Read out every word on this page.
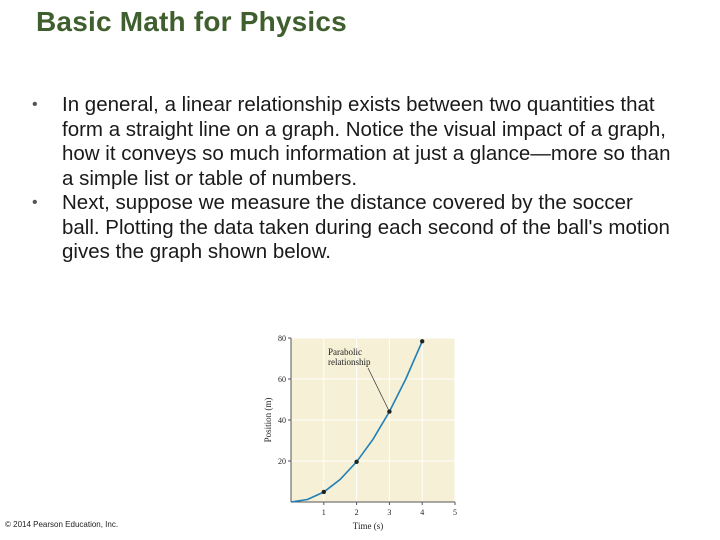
Basic Math for Physics
•	In general, a linear relationship exists between two quantities that form a straight line on a graph. Notice the visual impact of a graph, how it conveys so much information at just a glance—more so than a simple list or table of numbers.
•	Next, suppose we measure the distance covered by the soccer ball. Plotting the data taken during each second of the ball's motion gives the graph shown below.
1	2	3	4	5
20
40
60
80
Parabolic
relationship
Time (s)
Position (m)
© 2014 Pearson Education, Inc.
